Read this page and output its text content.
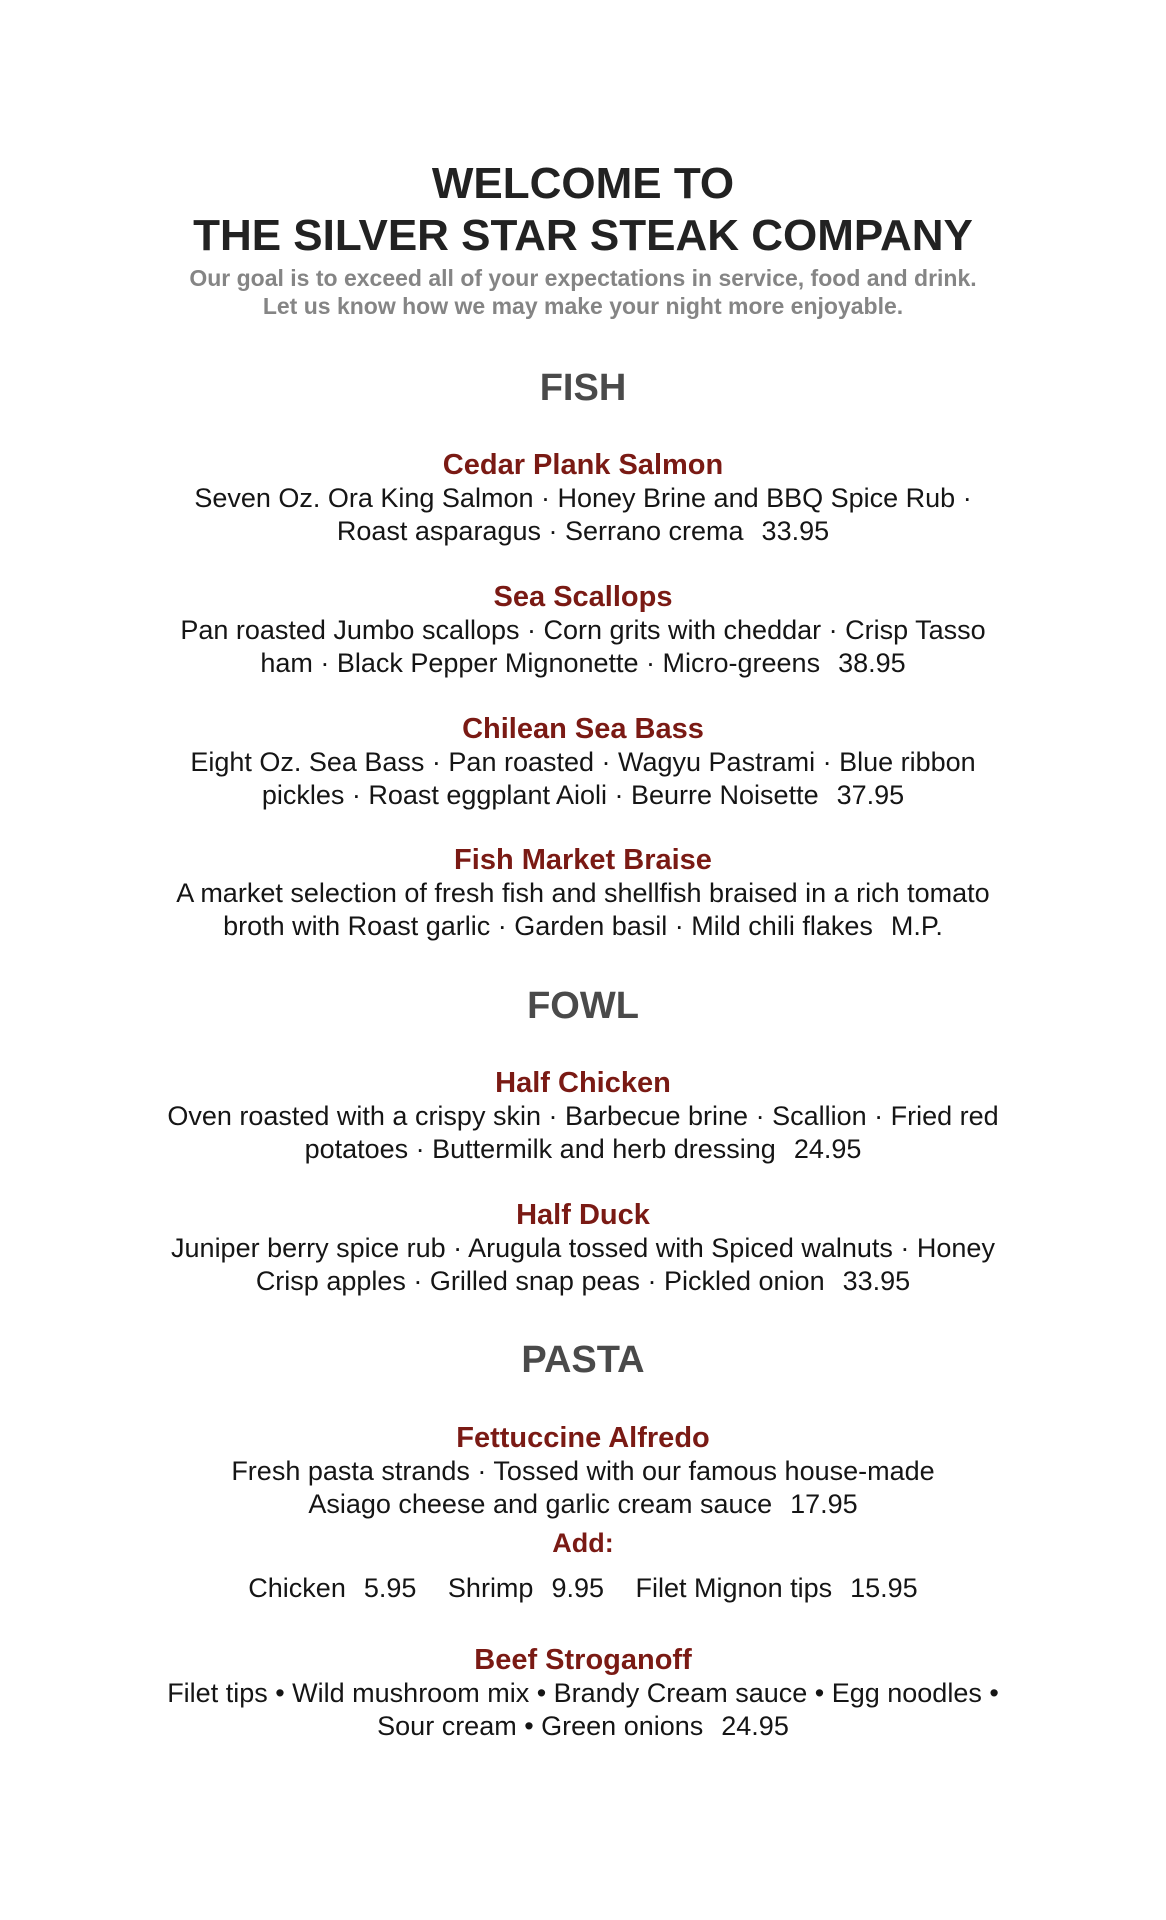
WELCOME TO
THE SILVER STAR STEAK COMPANY
Our goal is to exceed all of your expectations in service, food and drink.
Let us know how we may make your night more enjoyable.
FISH
Cedar Plank Salmon
Seven Oz. Ora King Salmon · Honey Brine and BBQ Spice Rub ·
Roast asparagus · Serrano crema 33.95
Sea Scallops
Pan roasted Jumbo scallops · Corn grits with cheddar · Crisp Tasso
ham · Black Pepper Mignonette · Micro-greens 38.95
Chilean Sea Bass
Eight Oz. Sea Bass · Pan roasted · Wagyu Pastrami · Blue ribbon
pickles · Roast eggplant Aioli · Beurre Noisette 37.95
Fish Market Braise
A market selection of fresh fish and shellfish braised in a rich tomato
broth with Roast garlic · Garden basil · Mild chili flakes M.P.
FOWL
Half Chicken
Oven roasted with a crispy skin · Barbecue brine · Scallion · Fried red
potatoes · Buttermilk and herb dressing 24.95
Half Duck
Juniper berry spice rub · Arugula tossed with Spiced walnuts · Honey
Crisp apples · Grilled snap peas · Pickled onion 33.95
PASTA
Fettuccine Alfredo
Fresh pasta strands · Tossed with our famous house-made
Asiago cheese and garlic cream sauce 17.95
Add:
Chicken 5.95 Shrimp 9.95 Filet Mignon tips 15.95
Beef Stroganoff
Filet tips • Wild mushroom mix • Brandy Cream sauce • Egg noodles •
Sour cream • Green onions 24.95
